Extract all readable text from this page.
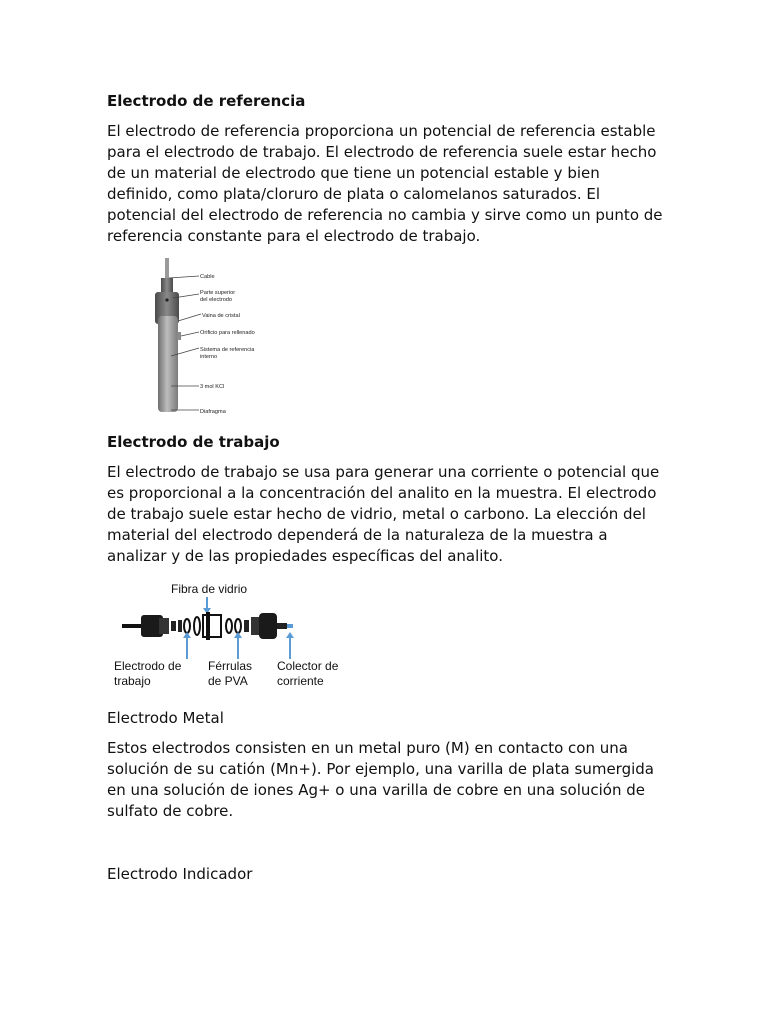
Electrodo de referencia

El electrodo de referencia proporciona un potencial de referencia estable para el electrodo de trabajo. El electrodo de referencia suele estar hecho de un material de electrodo que tiene un potencial estable y bien definido, como plata/cloruro de plata o calomelanos saturados. El potencial del electrodo de referencia no cambia y sirve como un punto de referencia constante para el electrodo de trabajo.

Cable
Parte superior
del electrodo
Vaina de cristal
Orificio para rellenado
Sistema de referencia
interno
3 mol KCl
Diafragma

Electrodo de trabajo

El electrodo de trabajo se usa para generar una corriente o potencial que es proporcional a la concentración del analito en la muestra. El electrodo de trabajo suele estar hecho de vidrio, metal o carbono. La elección del material del electrodo dependerá de la naturaleza de la muestra a analizar y de las propiedades específicas del analito.

Fibra de vidrio
Electrodo de
trabajo
Férrulas
de PVA
Colector de
corriente

Electrodo Metal

Estos electrodos consisten en un metal puro (M) en contacto con una solución de su catión (Mn+). Por ejemplo, una varilla de plata sumergida en una solución de iones Ag+ o una varilla de cobre en una solución de sulfato de cobre.

Electrodo Indicador
